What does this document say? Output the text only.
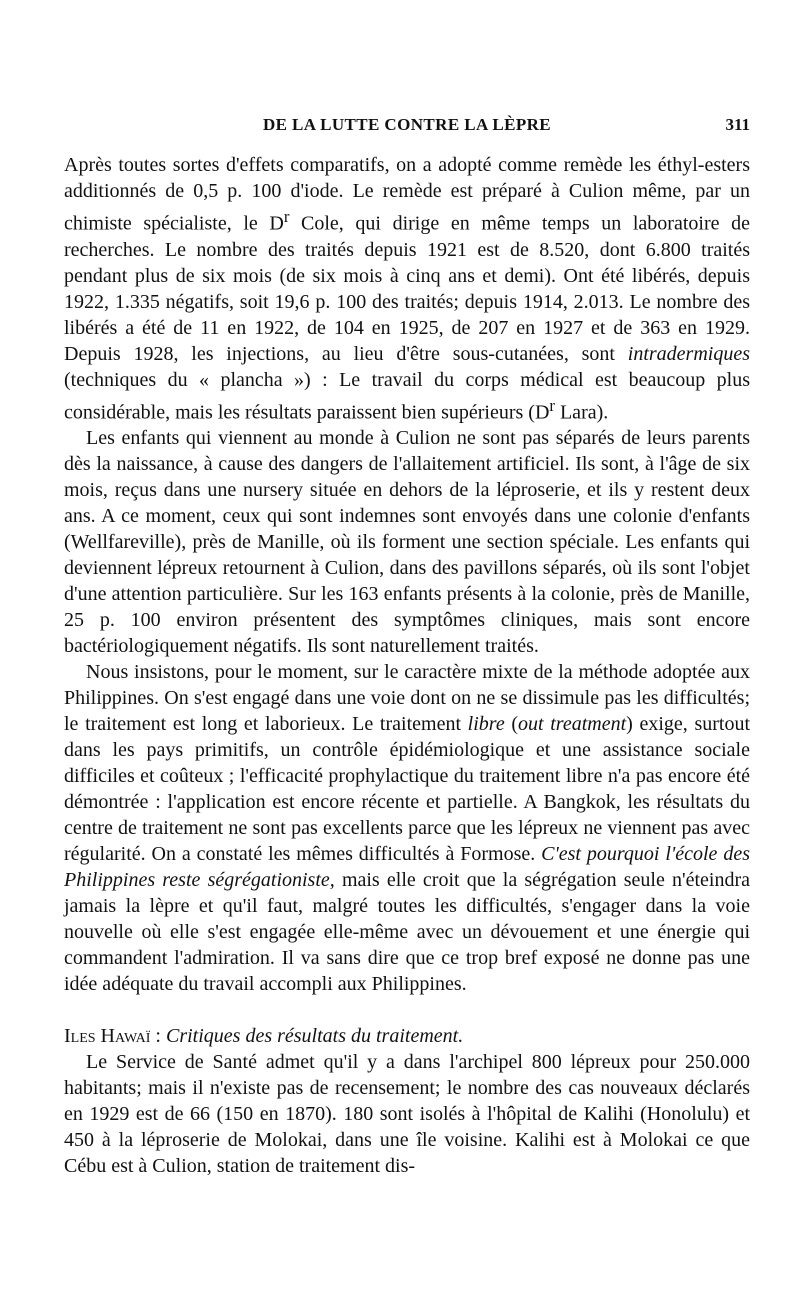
DE LA LUTTE CONTRE LA LÈPRE	311

Après toutes sortes d'effets comparatifs, on a adopté comme remède les éthyl-esters additionnés de 0,5 p. 100 d'iode. Le remède est préparé à Culion même, par un chimiste spécialiste, le $D^r$ Cole, qui dirige en même temps un laboratoire de recherches. Le nombre des traités depuis 1921 est de 8.520, dont 6.800 traités pendant plus de six mois (de six mois à cinq ans et demi). Ont été libérés, depuis 1922, 1.335 négatifs, soit 19,6 p. 100 des traités; depuis 1914, 2.013. Le nombre des libérés a été de 11 en 1922, de 104 en 1925, de 207 en 1927 et de 363 en 1929. Depuis 1928, les injections, au lieu d'être sous-cutanées, sont intradermiques (techniques du « plancha ») : Le travail du corps médical est beaucoup plus considérable, mais les résultats paraissent bien supérieurs ($D^r$ Lara).

Les enfants qui viennent au monde à Culion ne sont pas séparés de leurs parents dès la naissance, à cause des dangers de l'allaitement artificiel. Ils sont, à l'âge de six mois, reçus dans une nursery située en dehors de la léproserie, et ils y restent deux ans. A ce moment, ceux qui sont indemnes sont envoyés dans une colonie d'enfants (Wellfareville), près de Manille, où ils forment une section spéciale. Les enfants qui deviennent lépreux retournent à Culion, dans des pavillons séparés, où ils sont l'objet d'une attention particulière. Sur les 163 enfants présents à la colonie, près de Manille, 25 p. 100 environ présentent des symptômes cliniques, mais sont encore bactériologiquement négatifs. Ils sont naturellement traités.

Nous insistons, pour le moment, sur le caractère mixte de la méthode adoptée aux Philippines. On s'est engagé dans une voie dont on ne se dissimule pas les difficultés; le traitement est long et laborieux. Le traitement libre (out treatment) exige, surtout dans les pays primitifs, un contrôle épidémiologique et une assistance sociale difficiles et coûteux ; l'efficacité prophylactique du traitement libre n'a pas encore été démontrée : l'application est encore récente et partielle. A Bangkok, les résultats du centre de traitement ne sont pas excellents parce que les lépreux ne viennent pas avec régularité. On a constaté les mêmes difficultés à Formose. C'est pourquoi l'école des Philippines reste ségrégationiste, mais elle croit que la ségrégation seule n'éteindra jamais la lèpre et qu'il faut, malgré toutes les difficultés, s'engager dans la voie nouvelle où elle s'est engagée elle-même avec un dévouement et une énergie qui commandent l'admiration. Il va sans dire que ce trop bref exposé ne donne pas une idée adéquate du travail accompli aux Philippines.

Iles Hawaï : Critiques des résultats du traitement.

Le Service de Santé admet qu'il y a dans l'archipel 800 lépreux pour 250.000 habitants; mais il n'existe pas de recensement; le nombre des cas nouveaux déclarés en 1929 est de 66 (150 en 1870). 180 sont isolés à l'hôpital de Kalihi (Honolulu) et 450 à la léproserie de Molokai, dans une île voisine. Kalihi est à Molokai ce que Cébu est à Culion, station de traitement dis-
